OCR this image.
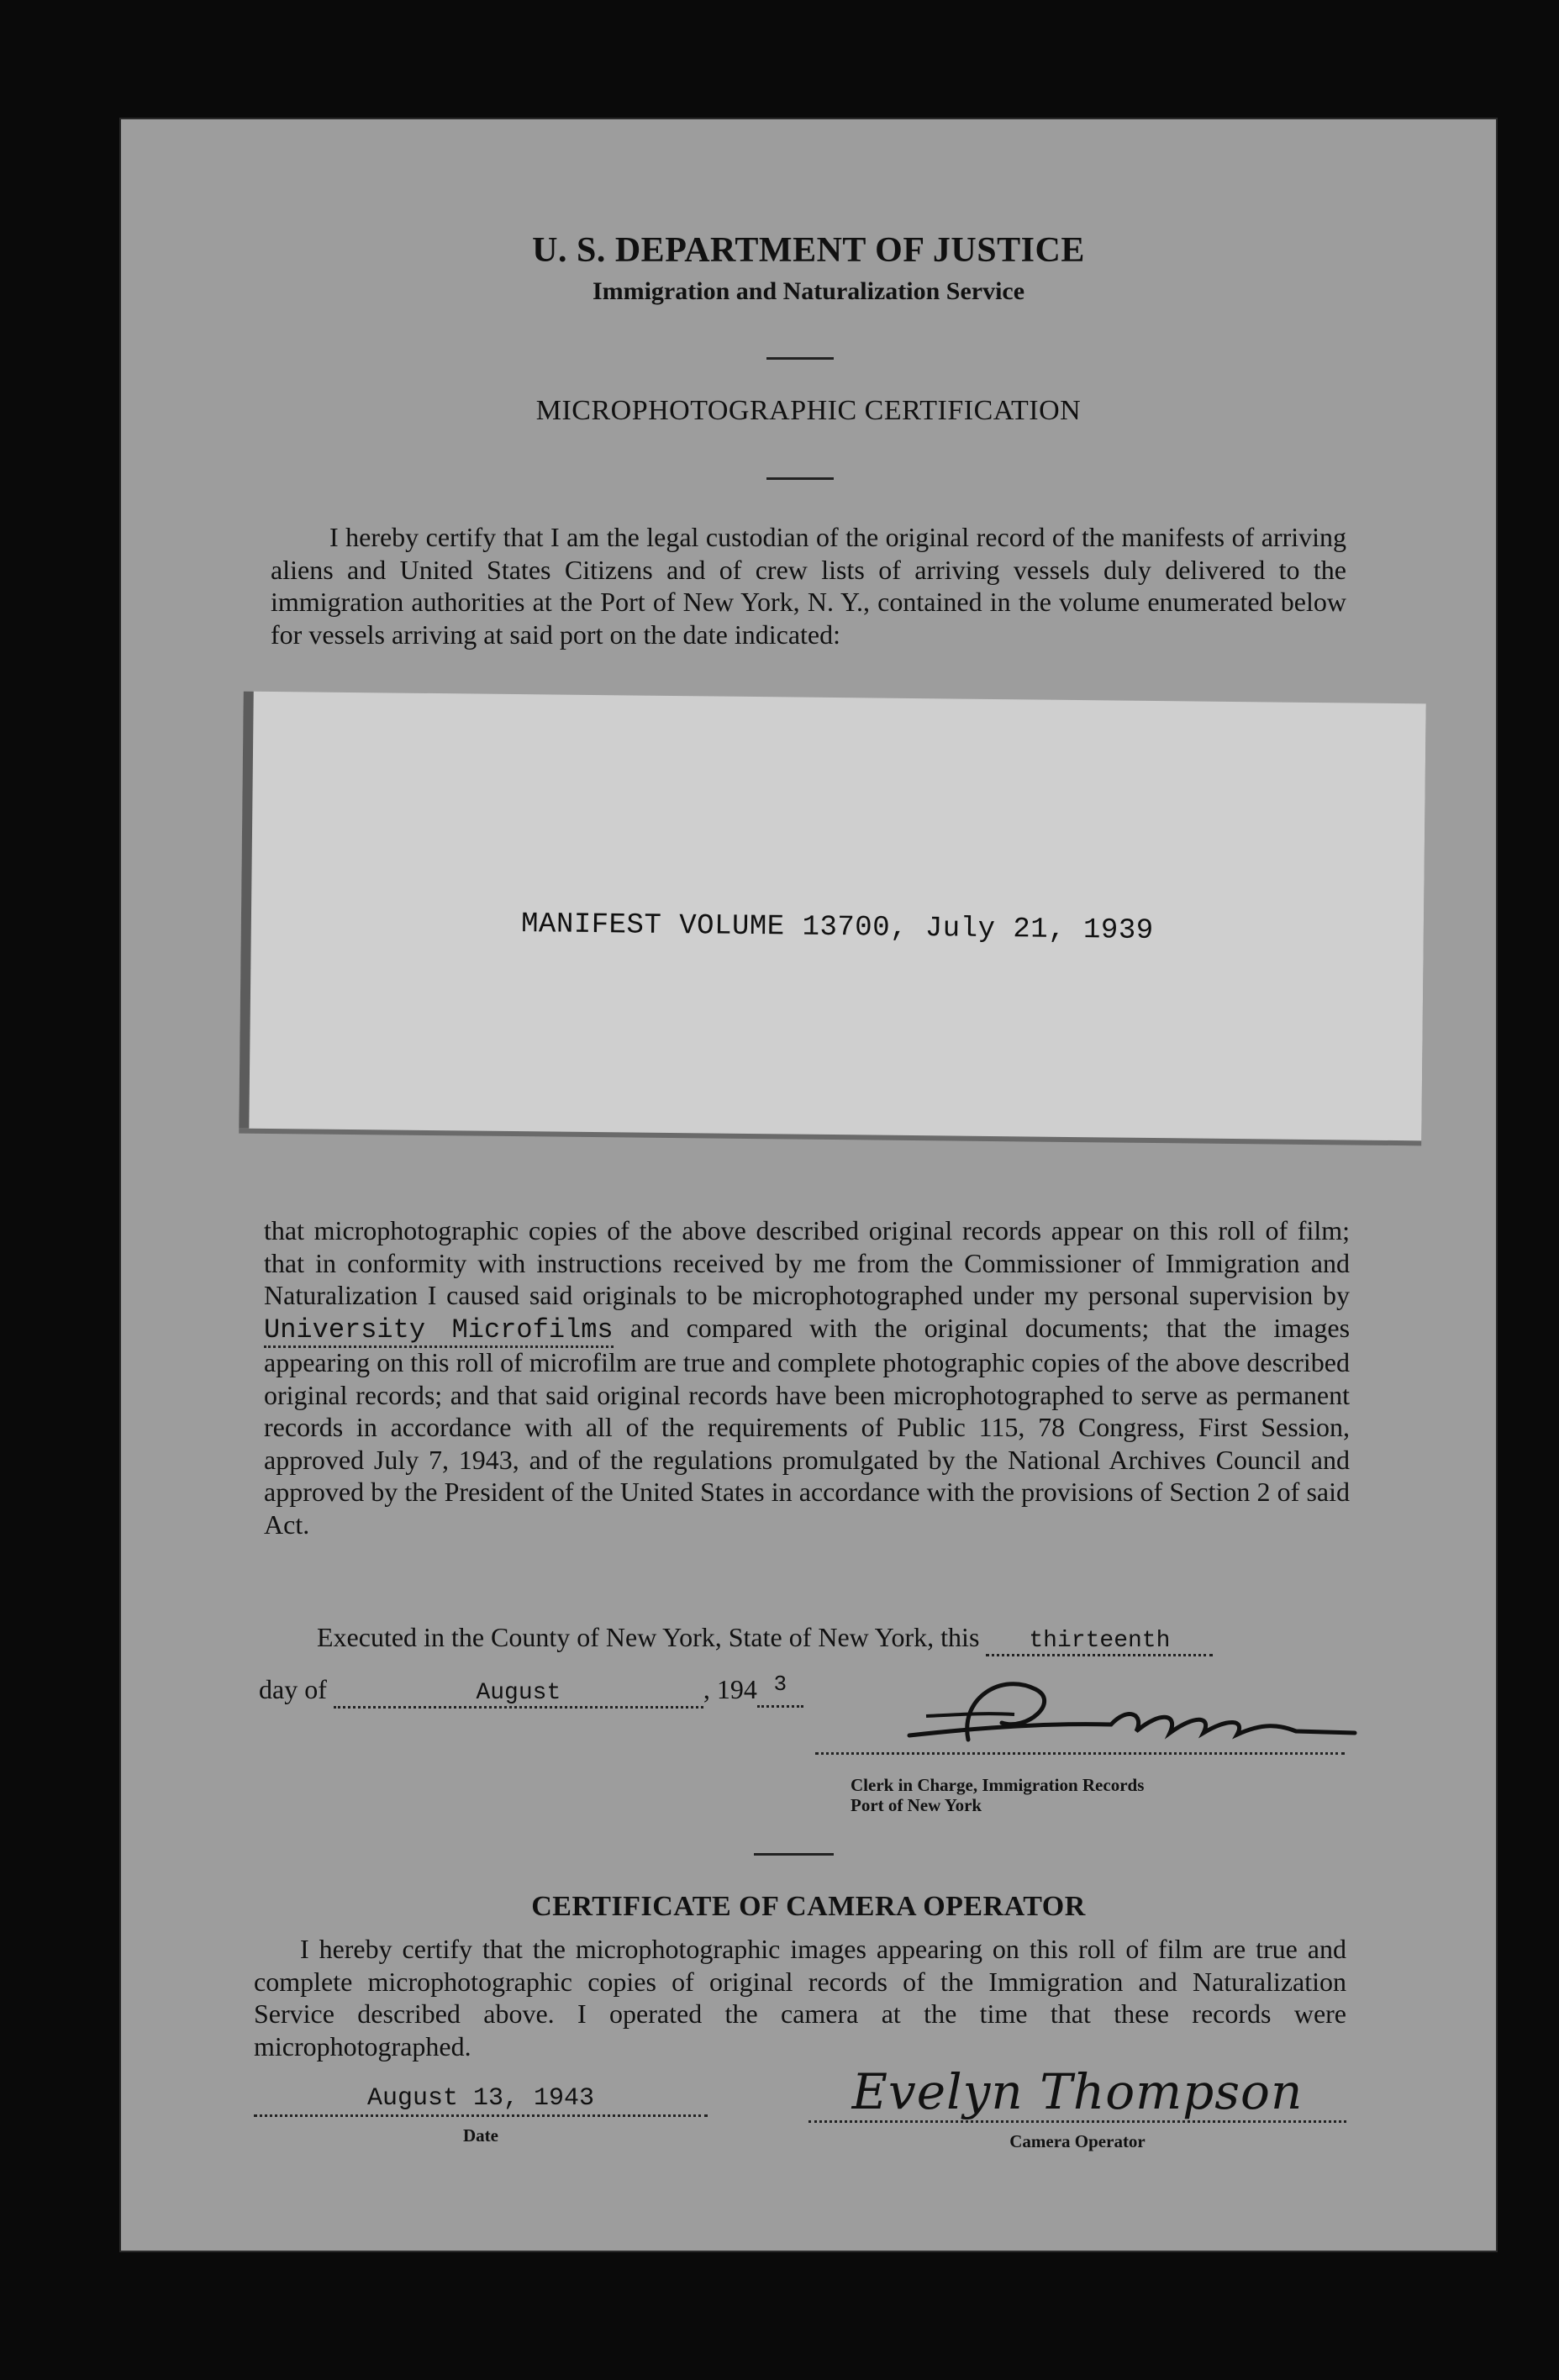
U. S. DEPARTMENT OF JUSTICE
Immigration and Naturalization Service
MICROPHOTOGRAPHIC CERTIFICATION
I hereby certify that I am the legal custodian of the original record of the manifests of arriving aliens and United States Citizens and of crew lists of arriving vessels duly delivered to the immigration authorities at the Port of New York, N. Y., contained in the volume enumerated below for vessels arriving at said port on the date indicated:
MANIFEST VOLUME 13700, July 21, 1939
that microphotographic copies of the above described original records appear on this roll of film; that in conformity with instructions received by me from the Commissioner of Immigration and Naturalization I caused said originals to be microphotographed under my personal supervision by University Microfilms and compared with the original documents; that the images appearing on this roll of microfilm are true and complete photographic copies of the above described original records; and that said original records have been microphotographed to serve as permanent records in accordance with all of the requirements of Public 115, 78 Congress, First Session, approved July 7, 1943, and of the regulations promulgated by the National Archives Council and approved by the President of the United States in accordance with the provisions of Section 2 of said Act.
Executed in the County of New York, State of New York, this thirteenth
day of	August	, 194 $^3$
Clerk in Charge, Immigration Records
Port of New York
CERTIFICATE OF CAMERA OPERATOR
I hereby certify that the microphotographic images appearing on this roll of film are true and complete microphotographic copies of original records of the Immigration and Naturalization Service described above. I operated the camera at the time that these records were microphotographed.
August 13, 1943
Date
Evelyn Thompson
Camera Operator
